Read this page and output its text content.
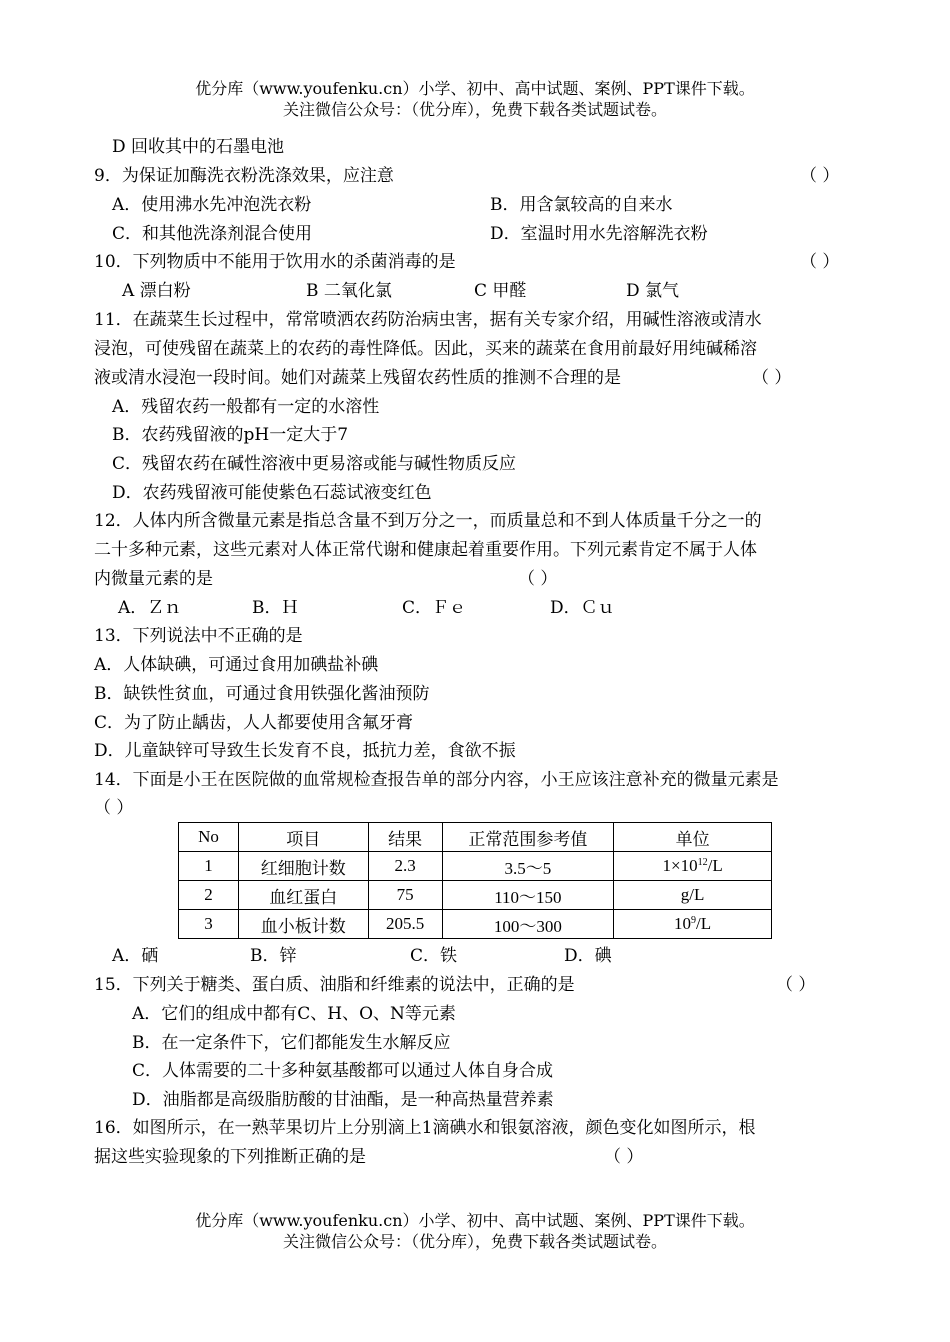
优分库（www.youfenku.cn）小学、初中、高中试题、案例、PPT课件下载。
关注微信公众号：（优分库），免费下载各类试题试卷。
D 回收其中的石墨电池
9．为保证加酶洗衣粉洗涤效果，应注意	（ ）
A．使用沸水先冲泡洗衣粉	B．用含氯较高的自来水
C．和其他洗涤剂混合使用	D．室温时用水先溶解洗衣粉
10．下列物质中不能用于饮用水的杀菌消毒的是	（ ）
A 漂白粉	B 二氧化氯	C 甲醛	D 氯气
11．在蔬菜生长过程中，常常喷洒农药防治病虫害，据有关专家介绍，用碱性溶液或清水
浸泡，可使残留在蔬菜上的农药的毒性降低。因此，买来的蔬菜在食用前最好用纯碱稀溶
液或清水浸泡一段时间。她们对蔬菜上残留农药性质的推测不合理的是	（ ）
A．残留农药一般都有一定的水溶性
B．农药残留液的pH一定大于7
C．残留农药在碱性溶液中更易溶或能与碱性物质反应
D．农药残留液可能使紫色石蕊试液变红色
12．人体内所含微量元素是指总含量不到万分之一，而质量总和不到人体质量千分之一的
二十多种元素，这些元素对人体正常代谢和健康起着重要作用。下列元素肯定不属于人体
内微量元素的是	（ ）
A．Ｚｎ	B．Ｈ	C．Ｆｅ	D．Ｃｕ
13．下列说法中不正确的是
A．人体缺碘，可通过食用加碘盐补碘
B．缺铁性贫血，可通过食用铁强化酱油预防
C．为了防止龋齿，人人都要使用含氟牙膏
D．儿童缺锌可导致生长发育不良，抵抗力差，食欲不振
14．下面是小王在医院做的血常规检查报告单的部分内容，小王应该注意补充的微量元素是
（ ）
No	项目	结果	正常范围参考值	单位
1	红细胞计数	2.3	3.5～5	$1\times 10^{12}/L$
2	血红蛋白	75	110～150	g/L
3	血小板计数	205.5	100～300	$10^9/L$
A．硒	B．锌	C．铁	D．碘
15．下列关于糖类、蛋白质、油脂和纤维素的说法中，正确的是	（ ）
A．它们的组成中都有C、H、O、N等元素
B．在一定条件下，它们都能发生水解反应
C．人体需要的二十多种氨基酸都可以通过人体自身合成
D．油脂都是高级脂肪酸的甘油酯，是一种高热量营养素
16．如图所示，在一熟苹果切片上分别滴上1滴碘水和银氨溶液，颜色变化如图所示，根
据这些实验现象的下列推断正确的是	（ ）
优分库（www.youfenku.cn）小学、初中、高中试题、案例、PPT课件下载。
关注微信公众号：（优分库），免费下载各类试题试卷。
